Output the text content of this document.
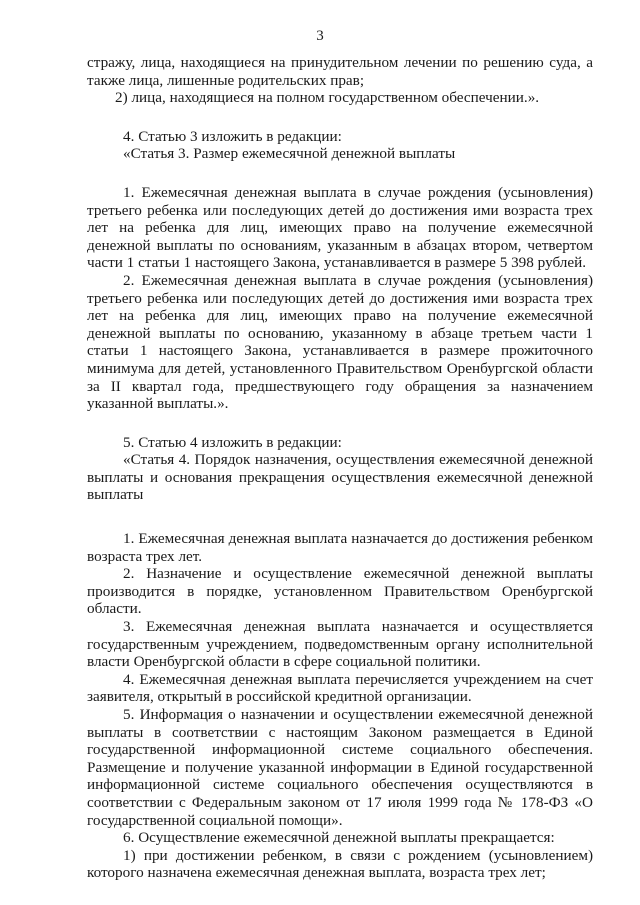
3

стражу, лица, находящиеся на принудительном лечении по решению суда, а также лица, лишенные родительских прав;

2) лица, находящиеся на полном государственном обеспечении.».

4. Статью 3 изложить в редакции:

«Статья 3. Размер ежемесячной денежной выплаты

1. Ежемесячная денежная выплата в случае рождения (усыновления) третьего ребенка или последующих детей до достижения ими возраста трех лет на ребенка для лиц, имеющих право на получение ежемесячной денежной выплаты по основаниям, указанным в абзацах втором, четвертом части 1 статьи 1 настоящего Закона, устанавливается в размере 5 398 рублей.

2. Ежемесячная денежная выплата в случае рождения (усыновления) третьего ребенка или последующих детей до достижения ими возраста трех лет на ребенка для лиц, имеющих право на получение ежемесячной денежной выплаты по основанию, указанному в абзаце третьем части 1 статьи 1 настоящего Закона, устанавливается в размере прожиточного минимума для детей, установленного Правительством Оренбургской области за II квартал года, предшествующего году обращения за назначением указанной выплаты.».

5. Статью 4 изложить в редакции:

«Статья 4. Порядок назначения, осуществления ежемесячной денежной выплаты и основания прекращения осуществления ежемесячной денежной выплаты

1. Ежемесячная денежная выплата назначается до достижения ребенком возраста трех лет.

2. Назначение и осуществление ежемесячной денежной выплаты производится в порядке, установленном Правительством Оренбургской области.

3. Ежемесячная денежная выплата назначается и осуществляется государственным учреждением, подведомственным органу исполнительной власти Оренбургской области в сфере социальной политики.

4. Ежемесячная денежная выплата перечисляется учреждением на счет заявителя, открытый в российской кредитной организации.

5. Информация о назначении и осуществлении ежемесячной денежной выплаты в соответствии с настоящим Законом размещается в Единой государственной информационной системе социального обеспечения. Размещение и получение указанной информации в Единой государственной информационной системе социального обеспечения осуществляются в соответствии с Федеральным законом от 17 июля 1999 года № 178-ФЗ «О государственной социальной помощи».

6. Осуществление ежемесячной денежной выплаты прекращается:

1) при достижении ребенком, в связи с рождением (усыновлением) которого назначена ежемесячная денежная выплата, возраста трех лет;
